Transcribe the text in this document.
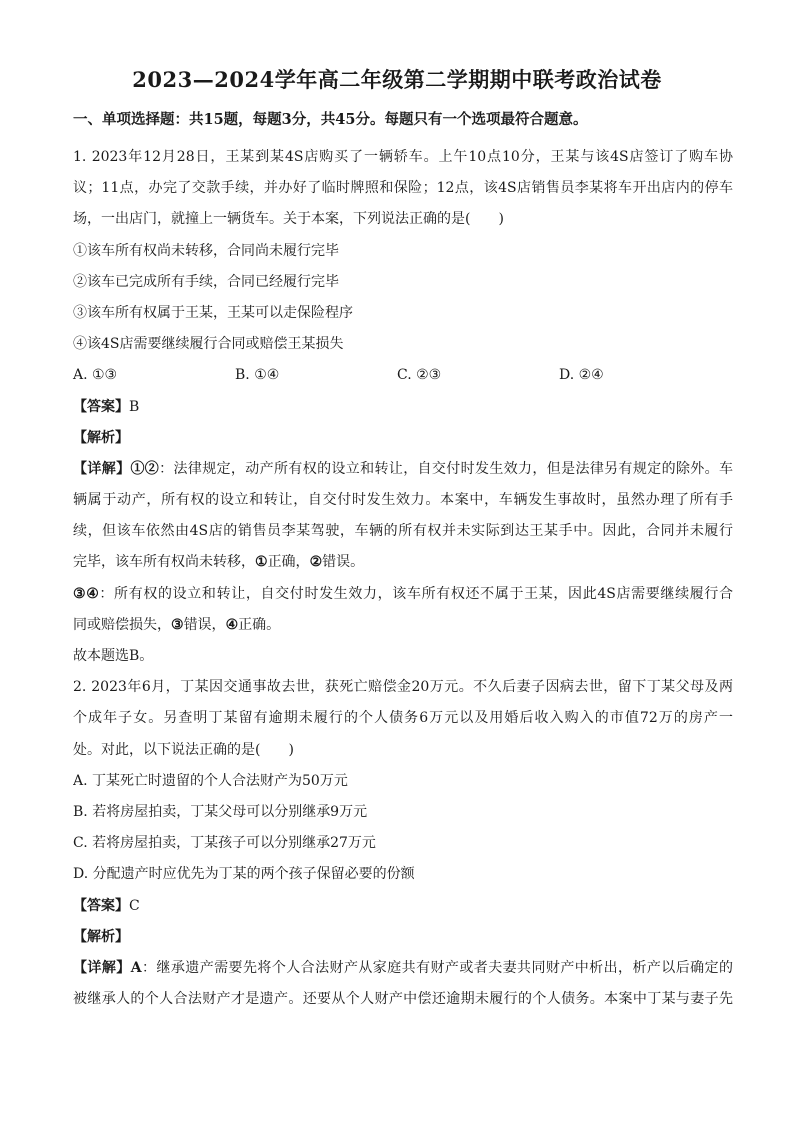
2023—2024学年高二年级第二学期期中联考政治试卷
一、单项选择题：共15题，每题3分，共45分。每题只有一个选项最符合题意。
1. 2023年12月28日，王某到某4S店购买了一辆轿车。上午10点10分，王某与该4S店签订了购车协
议；11点，办完了交款手续，并办好了临时牌照和保险；12点，该4S店销售员李某将车开出店内的停车
场，一出店门，就撞上一辆货车。关于本案，下列说法正确的是(　　)
①该车所有权尚未转移，合同尚未履行完毕
②该车已完成所有手续，合同已经履行完毕
③该车所有权属于王某，王某可以走保险程序
④该4S店需要继续履行合同或赔偿王某损失
A. ①③	B. ①④	C. ②③	D. ②④
【答案】B
【解析】
【详解】①②：法律规定，动产所有权的设立和转让，自交付时发生效力，但是法律另有规定的除外。车
辆属于动产，所有权的设立和转让，自交付时发生效力。本案中，车辆发生事故时，虽然办理了所有手
续，但该车依然由4S店的销售员李某驾驶，车辆的所有权并未实际到达王某手中。因此，合同并未履行
完毕，该车所有权尚未转移，①正确，②错误。
③④：所有权的设立和转让，自交付时发生效力，该车所有权还不属于王某，因此4S店需要继续履行合
同或赔偿损失，③错误，④正确。
故本题选B。
2. 2023年6月，丁某因交通事故去世，获死亡赔偿金20万元。不久后妻子因病去世，留下丁某父母及两
个成年子女。另查明丁某留有逾期未履行的个人债务6万元以及用婚后收入购入的市值72万的房产一
处。对此，以下说法正确的是(　　)
A. 丁某死亡时遗留的个人合法财产为50万元
B. 若将房屋拍卖，丁某父母可以分别继承9万元
C. 若将房屋拍卖，丁某孩子可以分别继承27万元
D. 分配遗产时应优先为丁某的两个孩子保留必要的份额
【答案】C
【解析】
【详解】A：继承遗产需要先将个人合法财产从家庭共有财产或者夫妻共同财产中析出，析产以后确定的
被继承人的个人合法财产才是遗产。还要从个人财产中偿还逾期未履行的个人债务。本案中丁某与妻子先
